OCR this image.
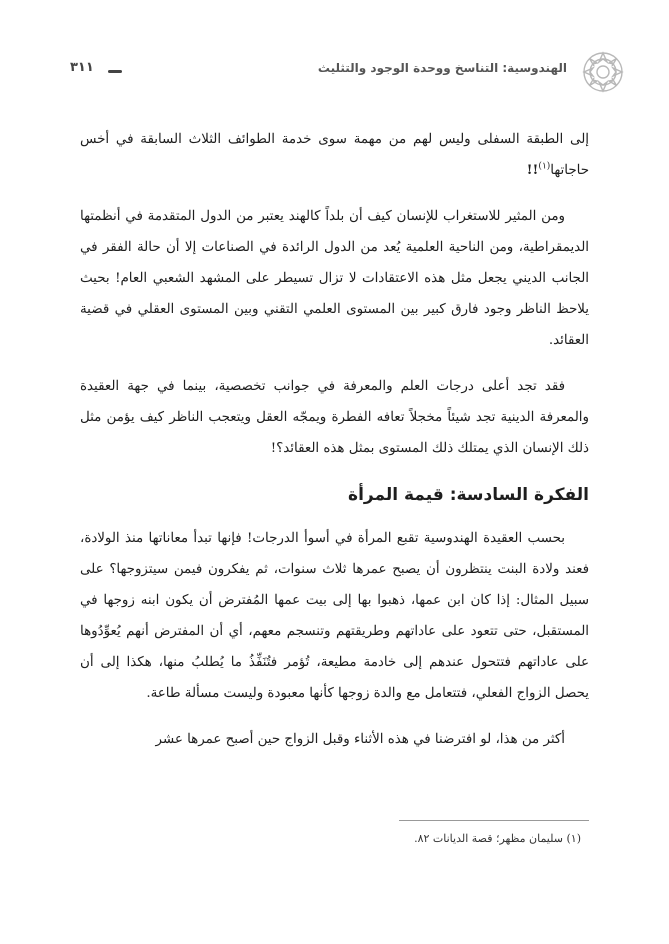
الهندوسية: التناسخ ووحدة الوجود والتثليث
٣١١

إلى الطبقة السفلى وليس لهم من مهمة سوى خدمة الطوائف الثلاث السابقة في أخس حاجاتها$^{(١)}$!!

ومن المثير للاستغراب للإنسان كيف أن بلداً كالهند يعتبر من الدول المتقدمة في أنظمتها الديمقراطية، ومن الناحية العلمية يُعد من الدول الرائدة في الصناعات إلا أن حالة الفقر في الجانب الديني يجعل مثل هذه الاعتقادات لا تزال تسيطر على المشهد الشعبي العام! بحيث يلاحظ الناظر وجود فارق كبير بين المستوى العلمي التقني وبين المستوى العقلي في قضية العقائد.

فقد تجد أعلى درجات العلم والمعرفة في جوانب تخصصية، بينما في جهة العقيدة والمعرفة الدينية تجد شيئاً مخجلاً تعافه الفطرة ويمجّه العقل ويتعجب الناظر كيف يؤمن مثل ذلك الإنسان الذي يمتلك ذلك المستوى بمثل هذه العقائد؟!

الفكرة السادسة: قيمة المرأة

بحسب العقيدة الهندوسية تقبع المرأة في أسوأ الدرجات! فإنها تبدأ معاناتها منذ الولادة، فعند ولادة البنت ينتظرون أن يصبح عمرها ثلاث سنوات، ثم يفكرون فيمن سيتزوجها؟ على سبيل المثال: إذا كان ابن عمها، ذهبوا بها إلى بيت عمها المُفترض أن يكون ابنه زوجها في المستقبل، حتى تتعود على عاداتهم وطريقتهم وتنسجم معهم، أي أن المفترض أنهم يُعوِّدُوها على عاداتهم فتتحول عندهم إلى خادمة مطيعة، تُؤمر فتُنَفِّذُ ما يُطلبُ منها، هكذا إلى أن يحصل الزواج الفعلي، فتتعامل مع والدة زوجها كأنها معبودة وليست مسألة طاعة.

أكثر من هذا، لو افترضنا في هذه الأثناء وقبل الزواج حين أصبح عمرها عشر

(١) سليمان مظهر؛ قصة الديانات ٨٢.
